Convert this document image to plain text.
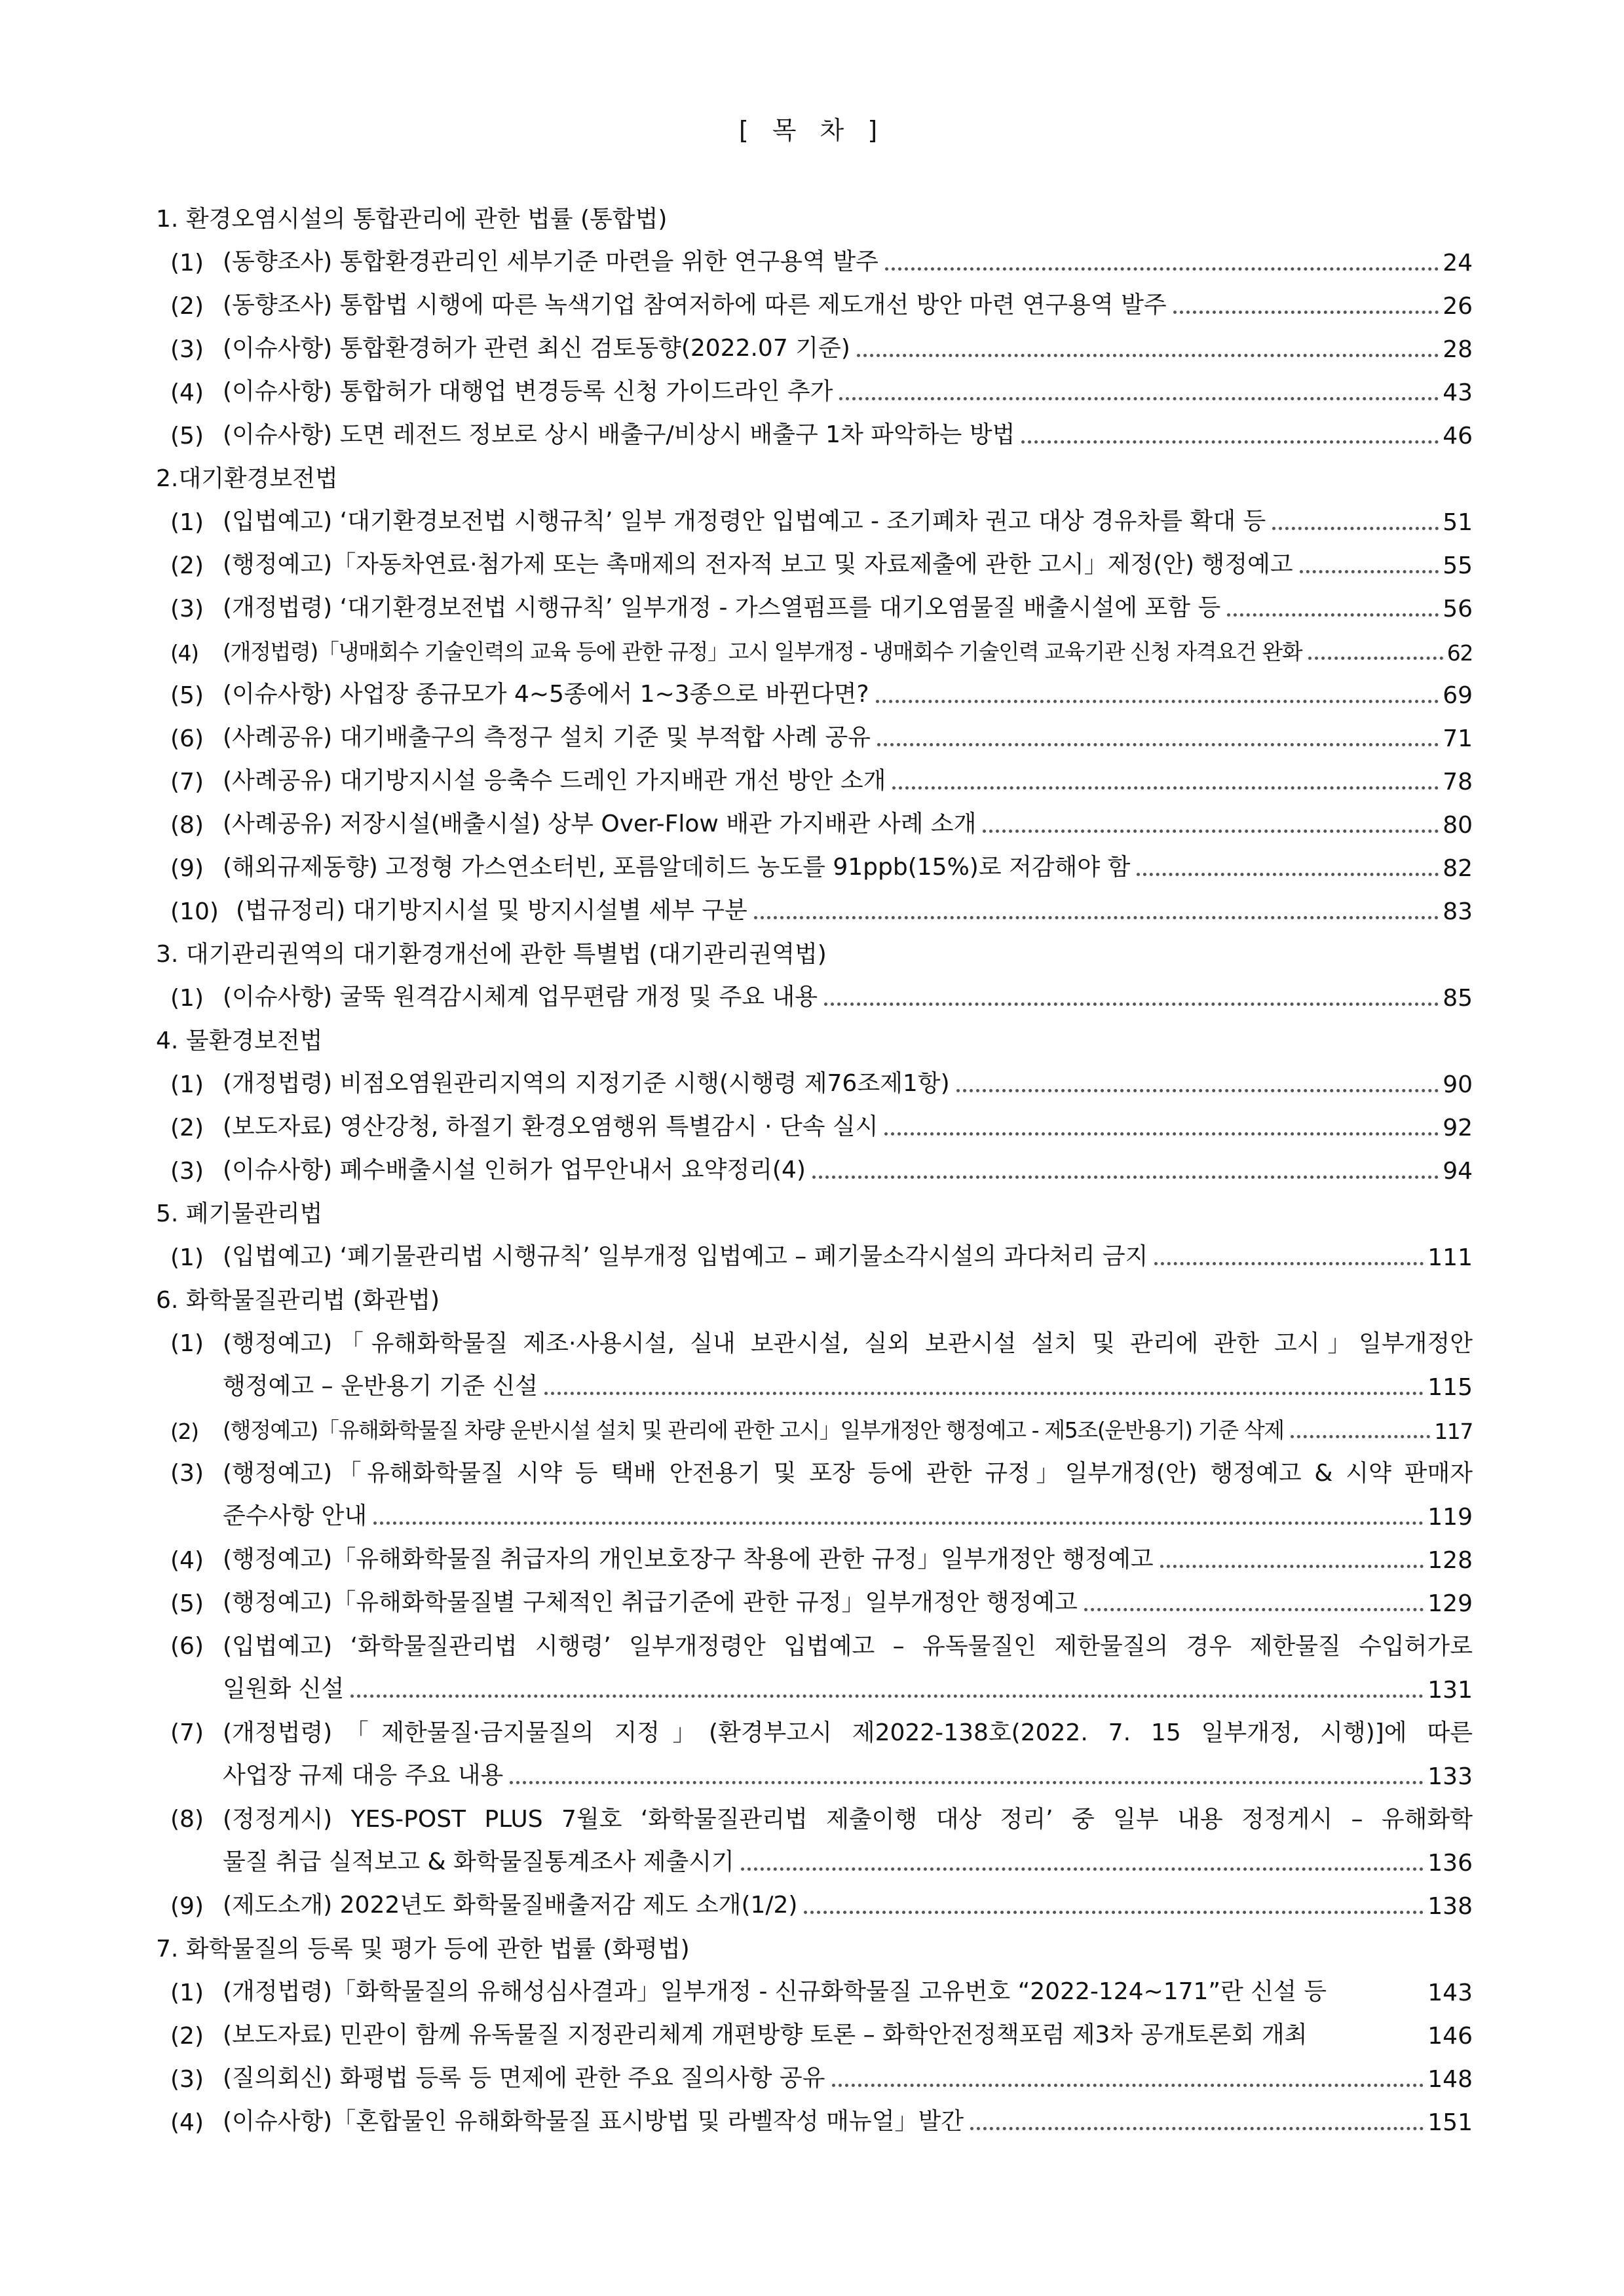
[ 목 차 ]
1. 환경오염시설의 통합관리에 관한 법률 (통합법)
(1) (동향조사) 통합환경관리인 세부기준 마련을 위한 연구용역 발주	24
(2) (동향조사) 통합법 시행에 따른 녹색기업 참여저하에 따른 제도개선 방안 마련 연구용역 발주	26
(3) (이슈사항) 통합환경허가 관련 최신 검토동향(2022.07 기준)	28
(4) (이슈사항) 통합허가 대행업 변경등록 신청 가이드라인 추가	43
(5) (이슈사항) 도면 레전드 정보로 상시 배출구/비상시 배출구 1차 파악하는 방법	46
2.대기환경보전법
(1) (입법예고) ‘대기환경보전법 시행규칙’ 일부 개정령안 입법예고 - 조기폐차 권고 대상 경유차를 확대 등	51
(2) (행정예고)「자동차연료·첨가제 또는 촉매제의 전자적 보고 및 자료제출에 관한 고시」제정(안) 행정예고	55
(3) (개정법령) ‘대기환경보전법 시행규칙’ 일부개정 - 가스열펌프를 대기오염물질 배출시설에 포함 등	56
(4)	(개정법령)「냉매회수 기술인력의 교육 등에 관한 규정」고시 일부개정 - 냉매회수 기술인력 교육기관 신청 자격요건 완화	62
(5) (이슈사항) 사업장 종규모가 4~5종에서 1~3종으로 바뀐다면?	69
(6) (사례공유) 대기배출구의 측정구 설치 기준 및 부적합 사례 공유	71
(7) (사례공유) 대기방지시설 응축수 드레인 가지배관 개선 방안 소개	78
(8) (사례공유) 저장시설(배출시설) 상부 Over-Flow 배관 가지배관 사례 소개	80
(9) (해외규제동향) 고정형 가스연소터빈, 포름알데히드 농도를 91ppb(15%)로 저감해야 함	82
(10) (법규정리) 대기방지시설 및 방지시설별 세부 구분	83
3. 대기관리권역의 대기환경개선에 관한 특별법 (대기관리권역법)
(1) (이슈사항) 굴뚝 원격감시체계 업무편람 개정 및 주요 내용	85
4. 물환경보전법
(1) (개정법령) 비점오염원관리지역의 지정기준 시행(시행령 제76조제1항)	90
(2) (보도자료) 영산강청, 하절기 환경오염행위 특별감시 · 단속 실시	92
(3) (이슈사항) 폐수배출시설 인허가 업무안내서 요약정리(4)	94
5. 폐기물관리법
(1) (입법예고) ‘폐기물관리법 시행규칙’ 일부개정 입법예고 – 폐기물소각시설의 과다처리 금지	111
6. 화학물질관리법 (화관법)
(1) (행정예고)「유해화학물질 제조·사용시설, 실내 보관시설, 실외 보관시설 설치 및 관리에 관한 고시」일부개정안
행정예고 – 운반용기 기준 신설	115
(2)	(행정예고)「유해화학물질 차량 운반시설 설치 및 관리에 관한 고시」일부개정안 행정예고 - 제5조(운반용기) 기준 삭제	117
(3) (행정예고)「유해화학물질 시약 등 택배 안전용기 및 포장 등에 관한 규정」일부개정(안) 행정예고 & 시약 판매자
준수사항 안내	119
(4) (행정예고)「유해화학물질 취급자의 개인보호장구 착용에 관한 규정」일부개정안 행정예고	128
(5) (행정예고)「유해화학물질별 구체적인 취급기준에 관한 규정」일부개정안 행정예고	129
(6) (입법예고) ‘화학물질관리법 시행령’ 일부개정령안 입법예고 – 유독물질인 제한물질의 경우 제한물질 수입허가로
일원화 신설	131
(7) (개정법령)「제한물질·금지물질의 지정」(환경부고시 제2022-138호(2022. 7. 15 일부개정, 시행)]에 따른
사업장 규제 대응 주요 내용	133
(8) (정정게시) YES-POST PLUS 7월호 ‘화학물질관리법 제출이행 대상 정리’ 중 일부 내용 정정게시 – 유해화학
물질 취급 실적보고 & 화학물질통계조사 제출시기	136
(9) (제도소개) 2022년도 화학물질배출저감 제도 소개(1/2)	138
7. 화학물질의 등록 및 평가 등에 관한 법률 (화평법)
(1) (개정법령)「화학물질의 유해성심사결과」일부개정 - 신규화학물질 고유번호 “2022-124~171”란 신설 등	143
(2) (보도자료) 민관이 함께 유독물질 지정관리체계 개편방향 토론 – 화학안전정책포럼 제3차 공개토론회 개최	146
(3) (질의회신) 화평법 등록 등 면제에 관한 주요 질의사항 공유	148
(4) (이슈사항)「혼합물인 유해화학물질 표시방법 및 라벨작성 매뉴얼」발간	151
